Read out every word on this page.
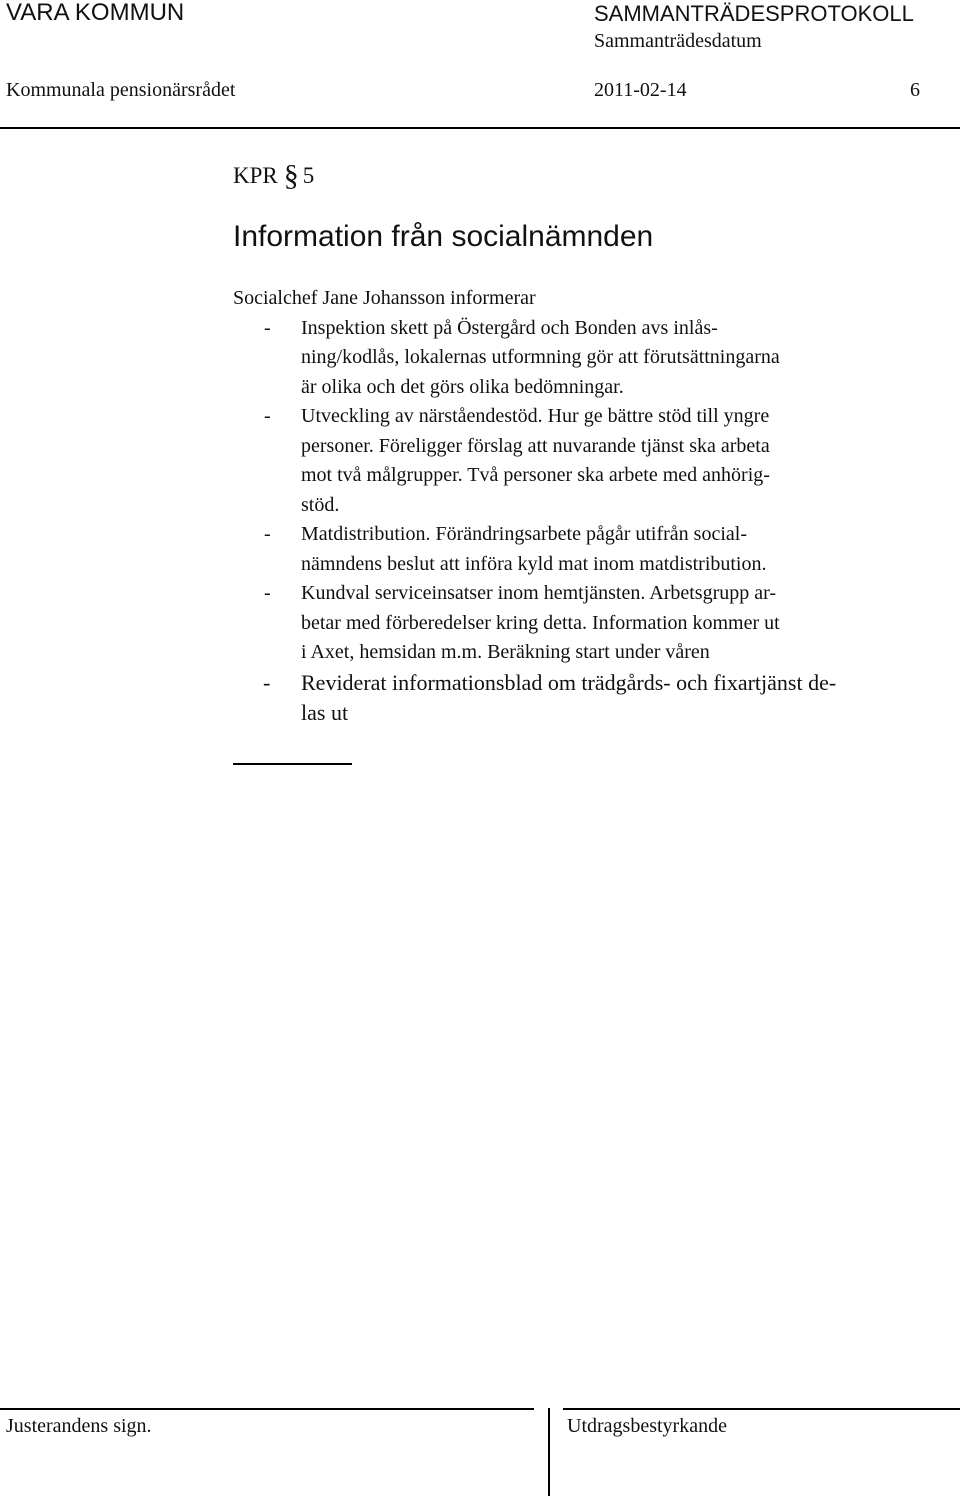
VARA KOMMUN	SAMMANTRÄDESPROTOKOLL
Sammanträdesdatum
Kommunala pensionärsrådet	2011-02-14	6
KPR § 5
Information från socialnämnden

Socialchef Jane Johansson informerar

- Inspektion skett på Östergård och Bonden avs inlås-
ning/kodlås, lokalernas utformning gör att förutsättningarna
är olika och det görs olika bedömningar.
- Utveckling av närståendestöd. Hur ge bättre stöd till yngre
personer. Föreligger förslag att nuvarande tjänst ska arbeta
mot två målgrupper. Två personer ska arbete med anhörig-
stöd.
- Matdistribution. Förändringsarbete pågår utifrån social-
nämndens beslut att införa kyld mat inom matdistribution.
- Kundval serviceinsatser inom hemtjänsten. Arbetsgrupp ar-
betar med förberedelser kring detta. Information kommer ut
i Axet, hemsidan m.m. Beräkning start under våren
- Reviderat informationsblad om trädgårds- och fixartjänst de-
las ut
Justerandens sign.	Utdragsbestyrkande
